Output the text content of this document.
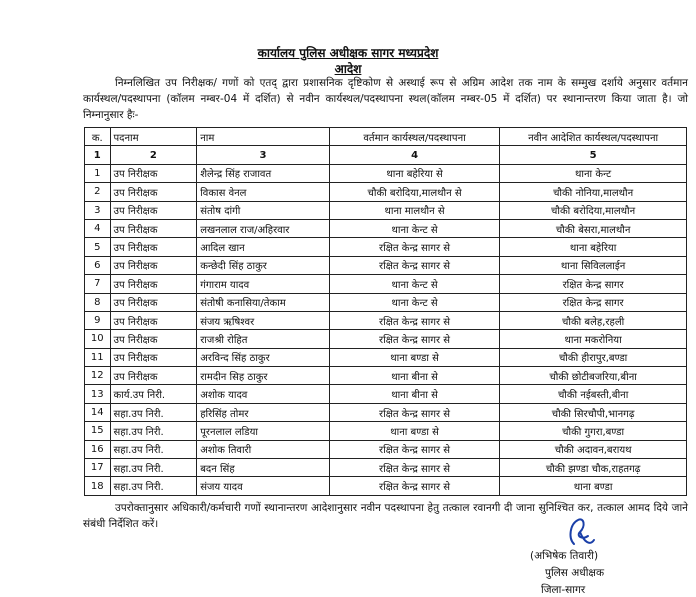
कार्यालय पुलिस अधीक्षक सागर मध्यप्रदेश
आदेश
निम्नलिखित उप निरीक्षक/ गणों को एतद् द्वारा प्रशासनिक दृष्टिकोण से अस्थाई रूप से अग्रिम आदेश तक नाम के सम्मुख दर्शाये अनुसार वर्तमान कार्यस्थल/पदस्थापना (कॉलम नम्बर-04 में दर्शित) से नवीन कार्यस्थल/पदस्थापना स्थल(कॉलम नम्बर-05 में दर्शित) पर स्थानान्तरण किया जाता है। जो निम्नानुसार हैः-
क.	पदनाम	नाम	वर्तमान कार्यस्थल/पदस्थापना	नवीन आदेशित कार्यस्थल/पदस्थापना
1	2	3	4	5
1	उप निरीक्षक	शैलेन्द्र सिंह राजावत	थाना बहेरिया से	थाना केन्ट
2	उप निरीक्षक	विकास वेनल	चौकी बरोदिया,मालथौन से	चौकी नोनिया,मालथौन
3	उप निरीक्षक	संतोष दांगी	थाना मालथौन से	चौकी बरोदिया,मालथौन
4	उप निरीक्षक	लखनलाल राज/अहिरवार	थाना केन्ट से	चौकी बेसरा,मालथौन
5	उप निरीक्षक	आदिल खान	रक्षित केन्द्र सागर से	थाना बहेरिया
6	उप निरीक्षक	कन्छेदी सिंह ठाकुर	रक्षित केन्द्र सागर से	थाना सिविललाईन
7	उप निरीक्षक	गंगाराम यादव	थाना केन्ट से	रक्षित केन्द्र सागर
8	उप निरीक्षक	संतोषी कनासिया/तेकाम	थाना केन्ट से	रक्षित केन्द्र सागर
9	उप निरीक्षक	संजय ऋषिश्वर	रक्षित केन्द्र सागर से	चौकी बलेह,रहली
10	उप निरीक्षक	राजश्री रोहित	रक्षित केन्द्र सागर से	थाना मकरोनिया
11	उप निरीक्षक	अरविन्द सिंह ठाकुर	थाना बण्डा से	चौकी हीरापुर,बण्डा
12	उप निरीक्षक	रामदीन सिह ठाकुर	थाना बीना से	चौकी छोटीबजरिया,बीना
13	कार्य.उप निरी.	अशोक यादव	थाना बीना से	चौकी नईबस्ती,बीना
14	सहा.उप निरी.	हरिसिंह तोमर	रक्षित केन्द्र सागर से	चौकी सिरचौपी,भानगढ़
15	सहा.उप निरी.	पूरनलाल लडिया	थाना बण्डा से	चौकी गुगरा,बण्डा
16	सहा.उप निरी.	अशोक तिवारी	रक्षित केन्द्र सागर से	चौकी अदावन,बरायथ
17	सहा.उप निरी.	बदन सिंह	रक्षित केन्द्र सागर से	चौकी झण्डा चौक,राहतगढ़
18	सहा.उप निरी.	संजय यादव	रक्षित केन्द्र सागर से	थाना बण्डा
उपरोक्तानुसार अधिकारी/कर्मचारी गणों स्थानान्तरण आदेशानुसार नवीन पदस्थापना हेतु तत्काल रवानगी दी जाना सुनिश्चित कर, तत्काल आमद दिये जाने संबंधी निर्देशित करें।
(अभिषेक तिवारी)
पुलिस अधीक्षक
जिला-सागर
